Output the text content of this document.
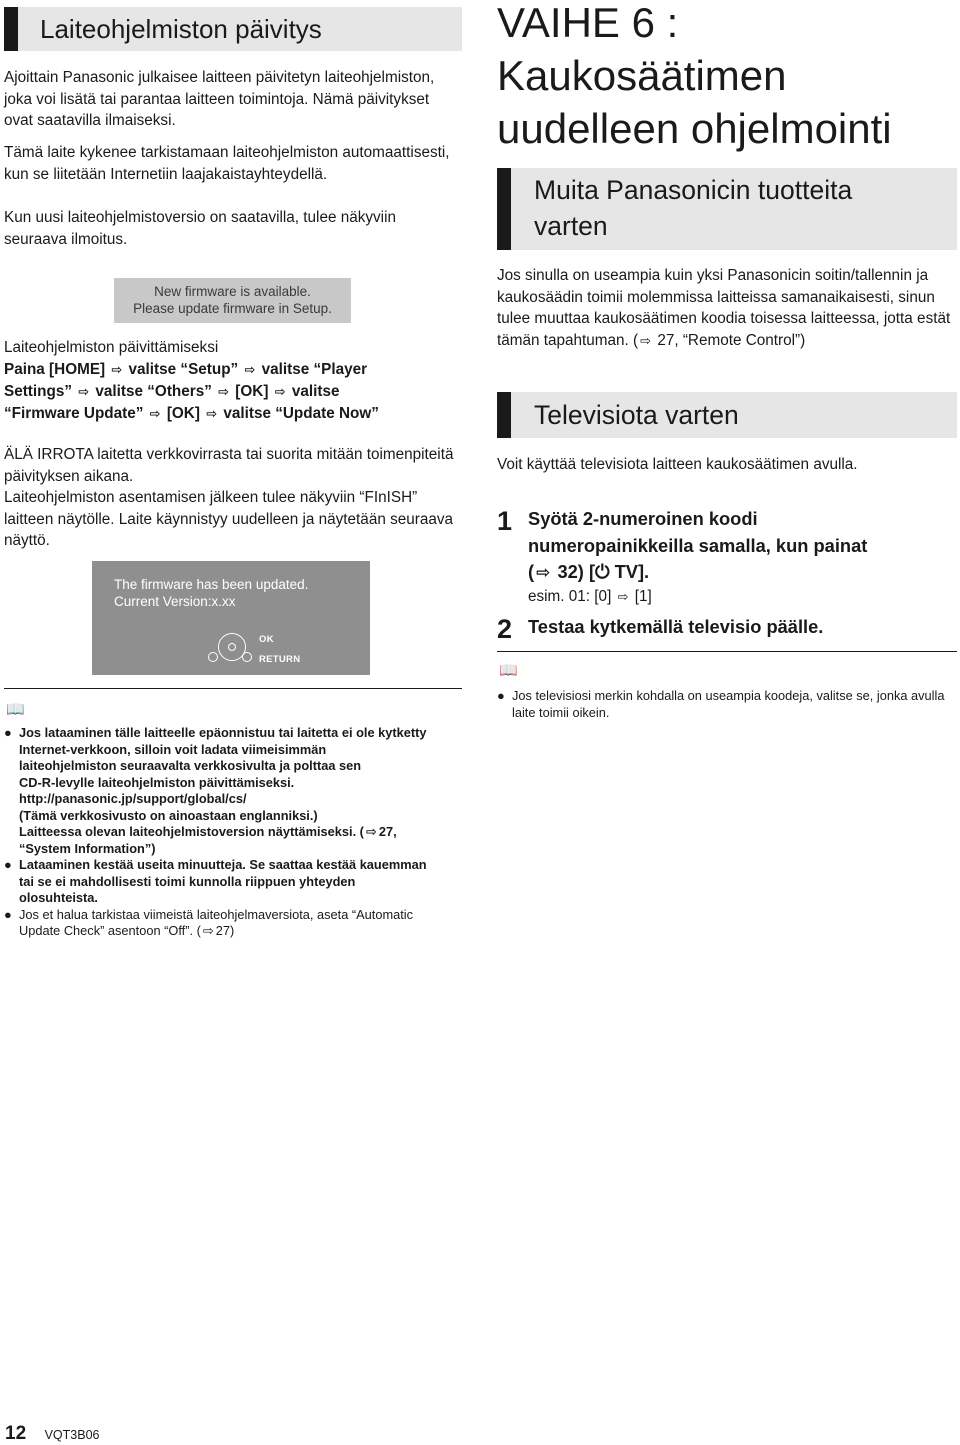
Laiteohjelmiston päivitys

Ajoittain Panasonic julkaisee laitteen päivitetyn laiteohjelmiston, joka voi lisätä tai parantaa laitteen toimintoja. Nämä päivitykset ovat saatavilla ilmaiseksi.

Tämä laite kykenee tarkistamaan laiteohjelmiston automaattisesti, kun se liitetään Internetiin laajakaistayhteydellä.

Kun uusi laiteohjelmistoversio on saatavilla, tulee näkyviin seuraava ilmoitus.

New firmware is available.
Please update firmware in Setup.

Laiteohjelmiston päivittämiseksi

Paina [HOME] ⇨ valitse “Setup” ⇨ valitse “Player
Settings” ⇨ valitse “Others” ⇨ [OK] ⇨ valitse
“Firmware Update” ⇨ [OK] ⇨ valitse “Update Now”

ÄLÄ IRROTA laitetta verkkovirrasta tai suorita mitään toimenpiteitä päivityksen aikana.

Laiteohjelmiston asentamisen jälkeen tulee näkyviin “FInISH” laitteen näytölle. Laite käynnistyy uudelleen ja näytetään seuraava näyttö.

The firmware has been updated.
Current Version:x.xx
OK
RETURN
📖
● Jos lataaminen tälle laitteelle epäonnistuu tai laitetta ei ole kytketty
Internet-verkkoon, silloin voit ladata viimeisimmän
laiteohjelmiston seuraavalta verkkosivulta ja polttaa sen
CD-R-levylle laiteohjelmiston päivittämiseksi.
http://panasonic.jp/support/global/cs/
(Tämä verkkosivusto on ainoastaan englanniksi.)
Laitteessa olevan laiteohjelmistoversion näyttämiseksi. ( ⇨ 27,
“System Information”)
● Lataaminen kestää useita minuutteja. Se saattaa kestää kauemman
tai se ei mahdollisesti toimi kunnolla riippuen yhteyden
olosuhteista.
● Jos et halua tarkistaa viimeistä laiteohjelmaversiota, aseta “Automatic
Update Check” asentoon “Off”. ( ⇨ 27)
VAIHE 6 :
Kaukosäätimen
uudelleen ohjelmointi
Muita Panasonicin tuotteita
varten

Jos sinulla on useampia kuin yksi Panasonicin soitin/tallennin ja kaukosäädin toimii molemmissa laitteissa samanaikaisesti, sinun tulee muuttaa kaukosäätimen koodia toisessa laitteessa, jotta estät tämän tapahtuman. ( ⇨ 27, “Remote Control”)

Televisiota varten

Voit käyttää televisiota laitteen kaukosäätimen avulla.

1 Syötä 2-numeroinen koodi
numeropainikkeilla samalla, kun painat
( ⇨ 32) [⏻ TV].
esim. 01: [0] ⇨ [1]
2 Testaa kytkemällä televisio päälle.
📖
● Jos televisiosi merkin kohdalla on useampia koodeja, valitse se, jonka avulla laite toimii oikein.
12 VQT3B06
